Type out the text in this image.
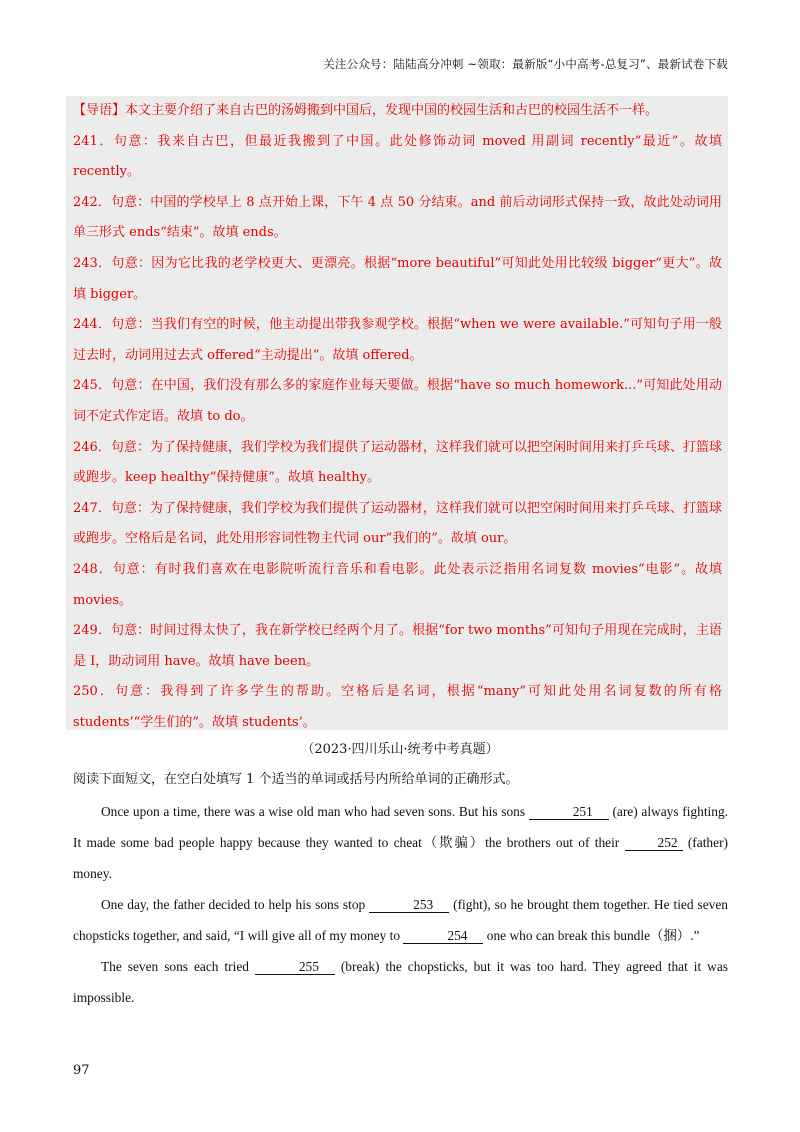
关注公众号：陆陆高分冲刺 ~领取：最新版“小中高考-总复习”、最新试卷下载

【导语】本文主要介绍了来自古巴的汤姆搬到中国后，发现中国的校园生活和古巴的校园生活不一样。

241．句意：我来自古巴，但最近我搬到了中国。此处修饰动词 moved 用副词 recently“最近”。故填 recently。

242．句意：中国的学校早上 8 点开始上课，下午 4 点 50 分结束。and 前后动词形式保持一致，故此处动词用单三形式 ends“结束”。故填 ends。

243．句意：因为它比我的老学校更大、更漂亮。根据“more beautiful”可知此处用比较级 bigger“更大”。故填 bigger。

244．句意：当我们有空的时候，他主动提出带我参观学校。根据“when we were available.”可知句子用一般过去时，动词用过去式 offered“主动提出”。故填 offered。

245．句意：在中国，我们没有那么多的家庭作业每天要做。根据“have so much homework...”可知此处用动词不定式作定语。故填 to do。

246．句意：为了保持健康，我们学校为我们提供了运动器材，这样我们就可以把空闲时间用来打乒乓球、打篮球或跑步。keep healthy“保持健康”。故填 healthy。

247．句意：为了保持健康，我们学校为我们提供了运动器材，这样我们就可以把空闲时间用来打乒乓球、打篮球或跑步。空格后是名词，此处用形容词性物主代词 our“我们的”。故填 our。

248．句意：有时我们喜欢在电影院听流行音乐和看电影。此处表示泛指用名词复数 movies“电影”。故填 movies。

249．句意：时间过得太快了，我在新学校已经两个月了。根据“for two months”可知句子用现在完成时，主语是 I，助动词用 have。故填 have been。

250．句意：我得到了许多学生的帮助。空格后是名词，根据“many”可知此处用名词复数的所有格 students’“学生们的”。故填 students’。

（2023·四川乐山·统考中考真题）
阅读下面短文，在空白处填写 1 个适当的单词或括号内所给单词的正确形式。

Once upon a time, there was a wise old man who had seven sons. But his sons	251 (are) always fighting. It made some bad people happy because they wanted to cheat（欺骗）the brothers out of their 252 (father) money.

One day, the father decided to help his sons stop	253 (fight), so he brought them together. He tied seven chopsticks together, and said, “I will give all of my money to	254 one who can break this bundle（捆）.”

The seven sons each tried	255 (break) the chopsticks, but it was too hard. They agreed that it was impossible.

97
